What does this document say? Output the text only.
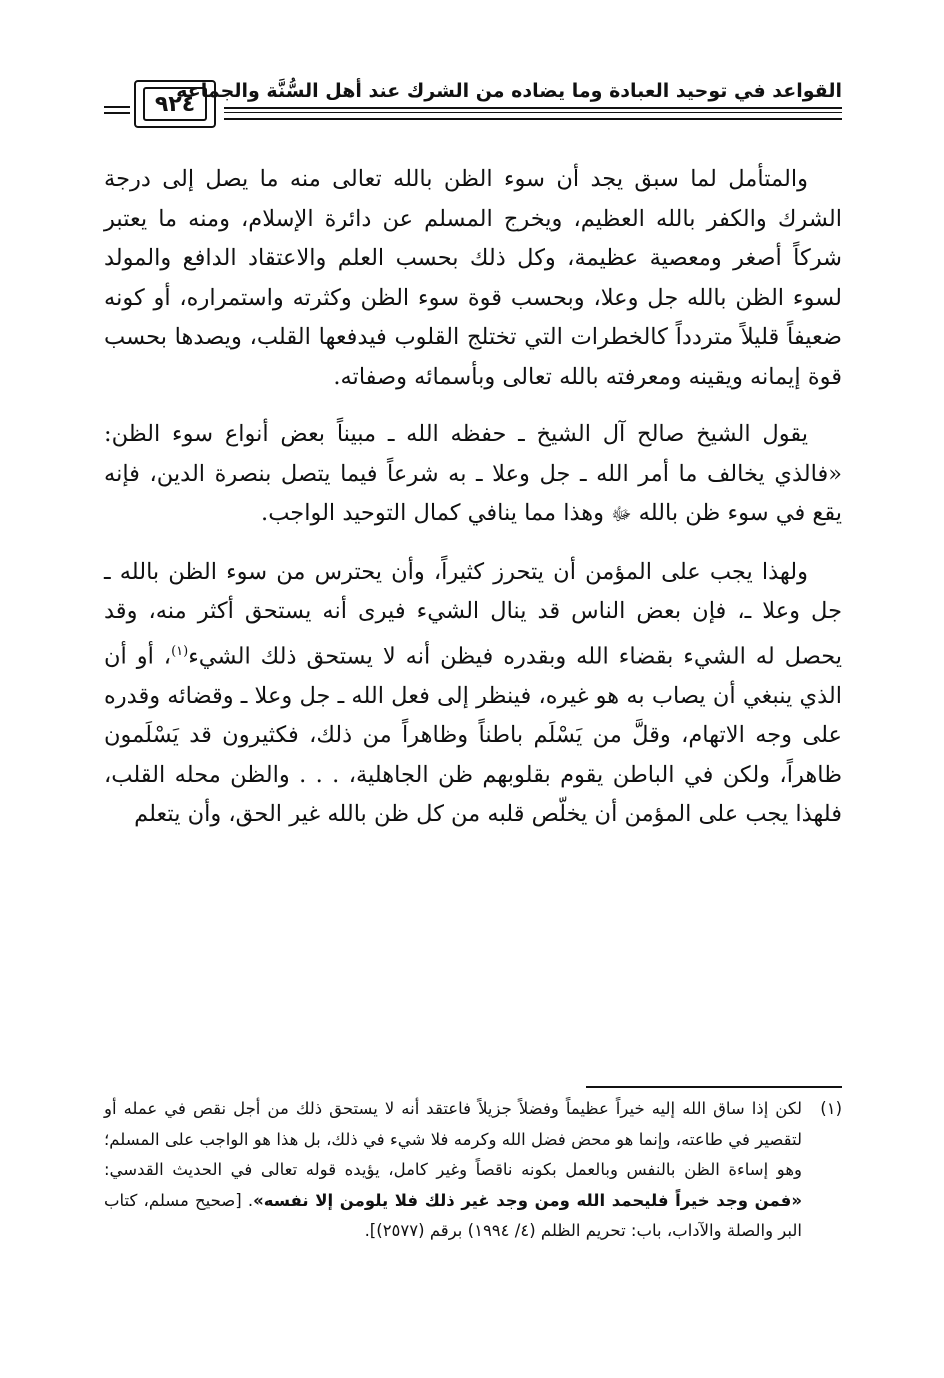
القواعد في توحيد العبادة وما يضاده من الشرك عند أهل السُّنَّة والجماعة
٩٢٤

والمتأمل لما سبق يجد أن سوء الظن بالله تعالى منه ما يصل إلى درجة الشرك والكفر بالله العظيم، ويخرج المسلم عن دائرة الإسلام، ومنه ما يعتبر شركاً أصغر ومعصية عظيمة، وكل ذلك بحسب العلم والاعتقاد الدافع والمولد لسوء الظن بالله جل وعلا، وبحسب قوة سوء الظن وكثرته واستمراره، أو كونه ضعيفاً قليلاً متردداً كالخطرات التي تختلج القلوب فيدفعها القلب، ويصدها بحسب قوة إيمانه ويقينه ومعرفته بالله تعالى وبأسمائه وصفاته.

يقول الشيخ صالح آل الشيخ ـ حفظه الله ـ مبيناً بعض أنواع سوء الظن: «فالذي يخالف ما أمر الله ـ جل وعلا ـ به شرعاً فيما يتصل بنصرة الدين، فإنه يقع في سوء ظن بالله ﷻ وهذا مما ينافي كمال التوحيد الواجب.

ولهذا يجب على المؤمن أن يتحرز كثيراً، وأن يحترس من سوء الظن بالله ـ جل وعلا ـ، فإن بعض الناس قد ينال الشيء فيرى أنه يستحق أكثر منه، وقد يحصل له الشيء بقضاء الله وبقدره فيظن أنه لا يستحق ذلك الشيء$^{(١)}$، أو أن الذي ينبغي أن يصاب به هو غيره، فينظر إلى فعل الله ـ جل وعلا ـ وقضائه وقدره على وجه الاتهام، وقلَّ من يَسْلَم باطناً وظاهراً من ذلك، فكثيرون قد يَسْلَمون ظاهراً، ولكن في الباطن يقوم بقلوبهم ظن الجاهلية، . . . والظن محله القلب، فلهذا يجب على المؤمن أن يخلّص قلبه من كل ظن بالله غير الحق، وأن يتعلم

(١)
لكن إذا ساق الله إليه خيراً عظيماً وفضلاً جزيلاً فاعتقد أنه لا يستحق ذلك من أجل نقص في عمله أو لتقصير في طاعته، وإنما هو محض فضل الله وكرمه فلا شيء في ذلك، بل هذا هو الواجب على المسلم؛ وهو إساءة الظن بالنفس وبالعمل بكونه ناقصاً وغير كامل، يؤيده قوله تعالى في الحديث القدسي: «فمن وجد خيراً فليحمد الله ومن وجد غير ذلك فلا يلومن إلا نفسه». [صحيح مسلم، كتاب البر والصلة والآداب، باب: تحريم الظلم (٤/ ١٩٩٤) برقم (٢٥٧٧)].
